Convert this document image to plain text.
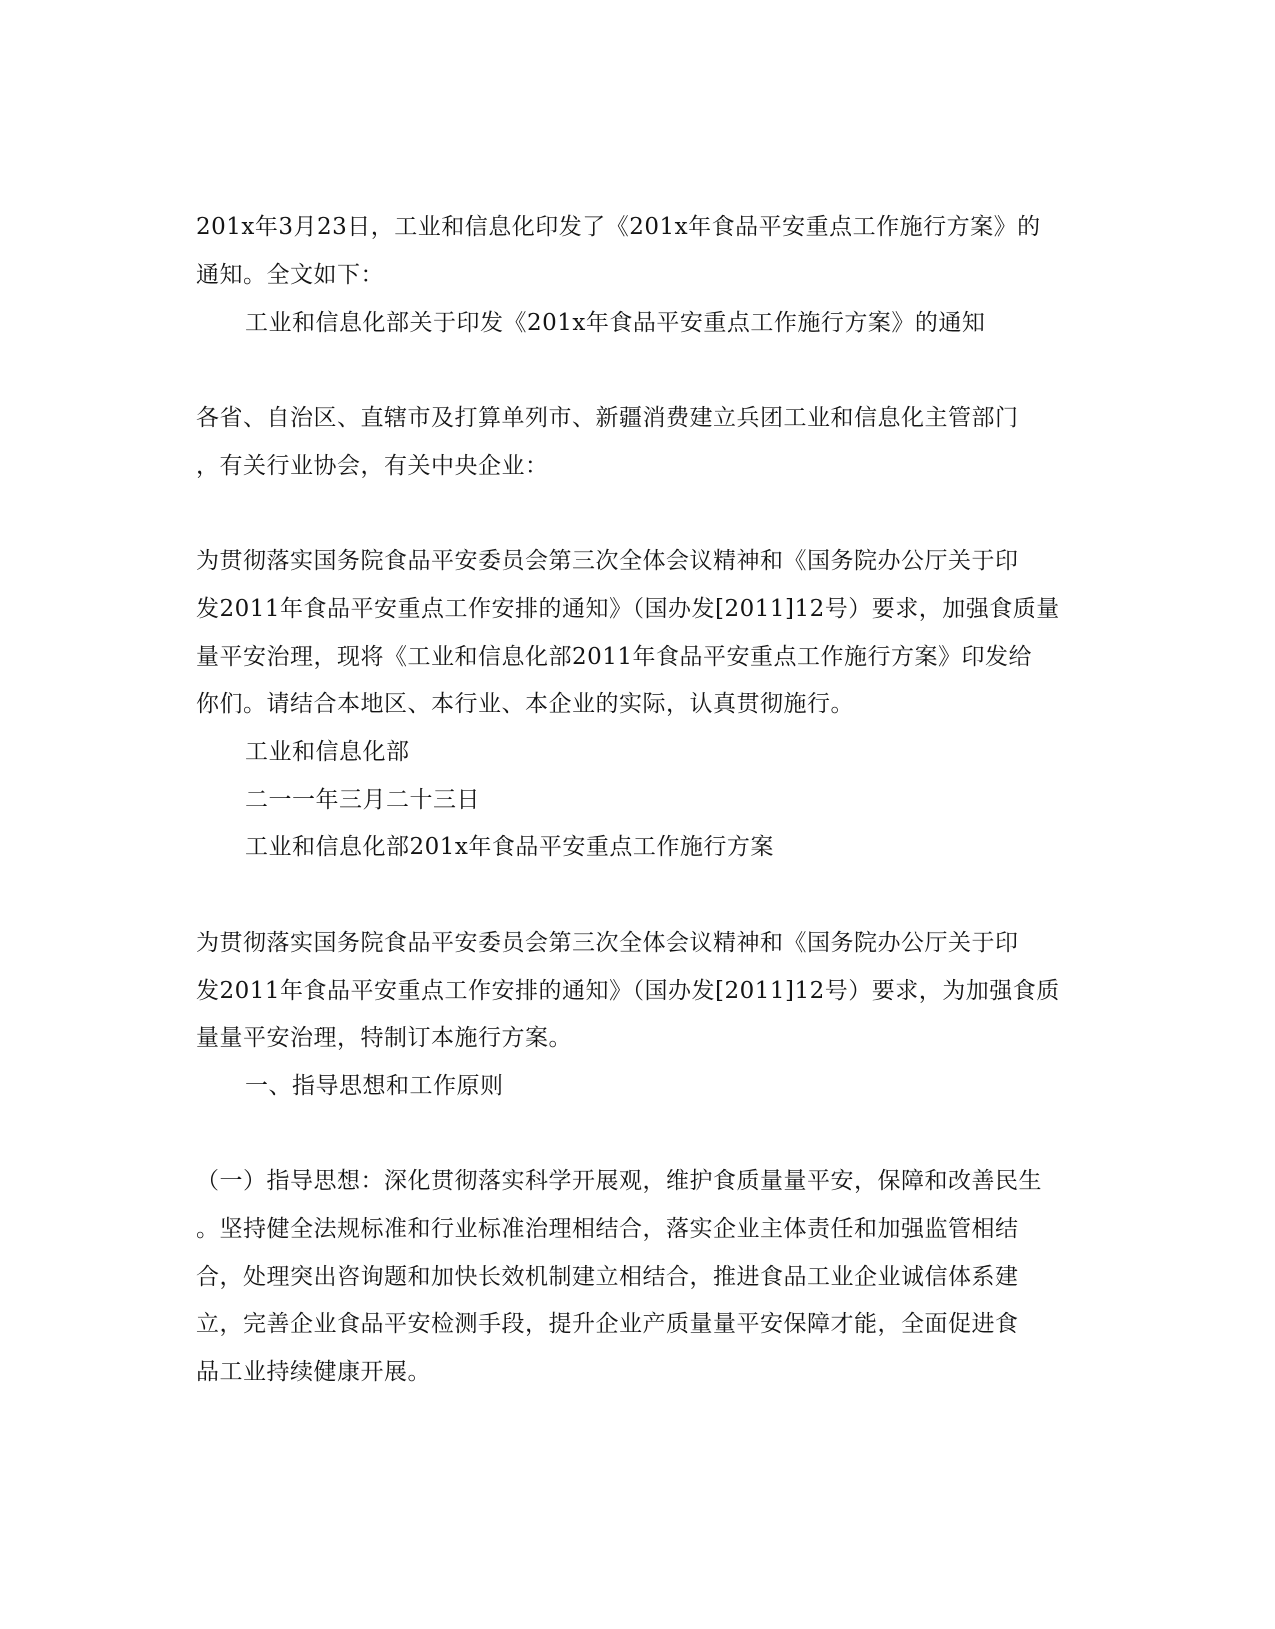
201x年3月23日，工业和信息化印发了《201x年食品平安重点工作施行方案》的
通知。全文如下：
工业和信息化部关于印发《201x年食品平安重点工作施行方案》的通知
各省、自治区、直辖市及打算单列市、新疆消费建立兵团工业和信息化主管部门
，有关行业协会，有关中央企业：
为贯彻落实国务院食品平安委员会第三次全体会议精神和《国务院办公厅关于印
发2011年食品平安重点工作安排的通知》（国办发[2011]12号）要求，加强食质量
量平安治理，现将《工业和信息化部2011年食品平安重点工作施行方案》印发给
你们。请结合本地区、本行业、本企业的实际，认真贯彻施行。
工业和信息化部
二一一年三月二十三日
工业和信息化部201x年食品平安重点工作施行方案
为贯彻落实国务院食品平安委员会第三次全体会议精神和《国务院办公厅关于印
发2011年食品平安重点工作安排的通知》（国办发[2011]12号）要求，为加强食质
量量平安治理，特制订本施行方案。
一、指导思想和工作原则
（一）指导思想：深化贯彻落实科学开展观，维护食质量量平安，保障和改善民生
。坚持健全法规标准和行业标准治理相结合，落实企业主体责任和加强监管相结
合，处理突出咨询题和加快长效机制建立相结合，推进食品工业企业诚信体系建
立，完善企业食品平安检测手段，提升企业产质量量平安保障才能，全面促进食
品工业持续健康开展。
